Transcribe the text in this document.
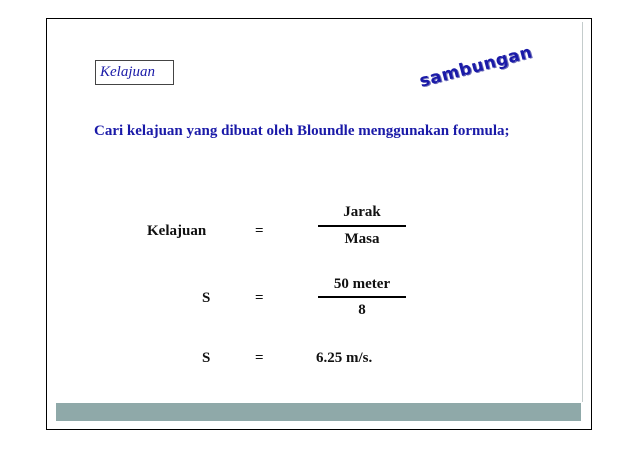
Kelajuan	sambungan
Cari kelajuan yang dibuat oleh Bloundle menggunakan formula;
Kelajuan	=
Jarak
Masa
S	=
50 meter
8
S	=	6.25 m/s.
